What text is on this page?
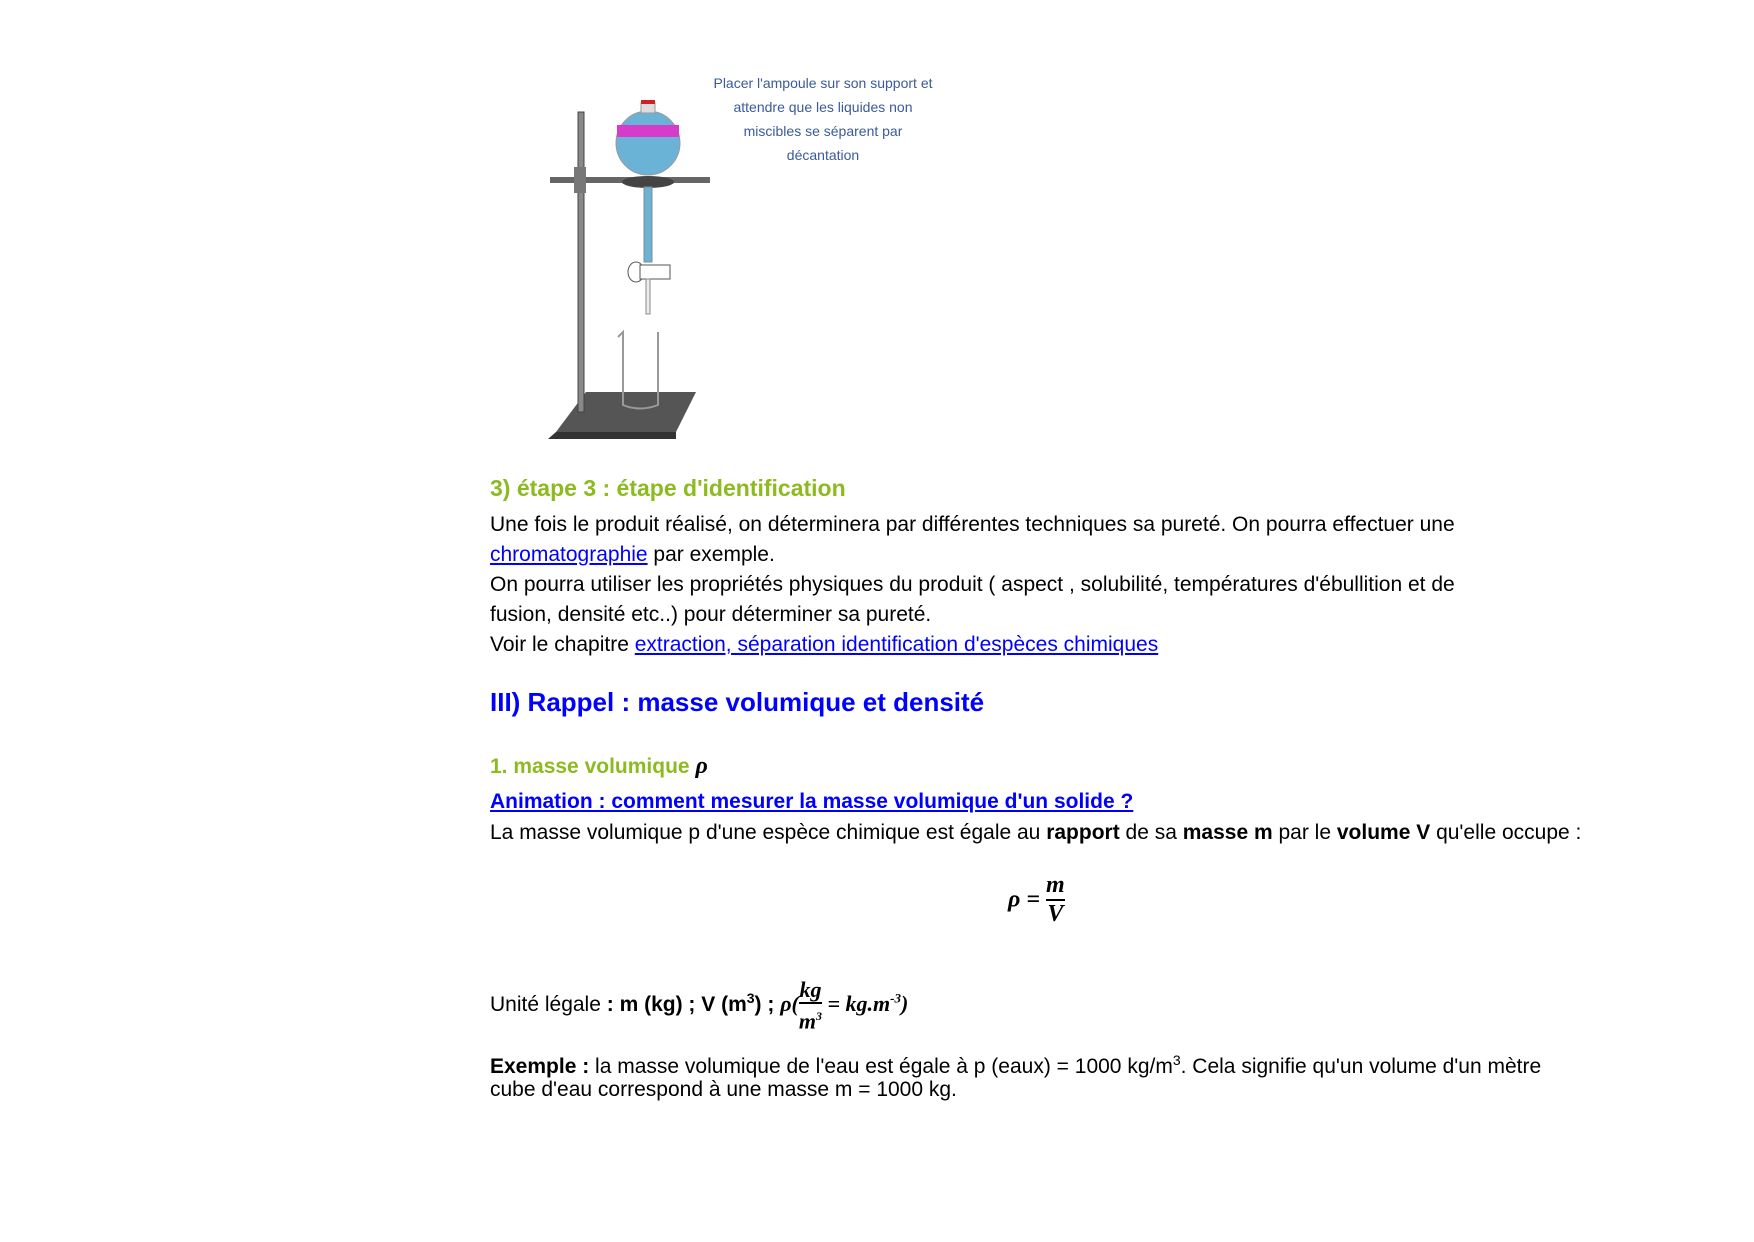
Placer l'ampoule sur son support et attendre que les liquides non miscibles se séparent par décantation
3) étape 3 : étape d'identification
Une fois le produit réalisé, on déterminera par différentes techniques sa pureté. On pourra effectuer une
chromatographie par exemple.
On pourra utiliser les propriétés physiques du produit ( aspect , solubilité, températures d'ébullition et de
fusion, densité etc..) pour déterminer sa pureté.
Voir le chapitre extraction, séparation identification d'espèces chimiques
III) Rappel : masse volumique et densité
1. masse volumique ρ
Animation : comment mesurer la masse volumique d'un solide ?
La masse volumique p d'une espèce chimique est égale au rapport de sa masse m par le volume V qu'elle occupe :
$\rho = \frac{m}{V}$
Unité légale : m (kg) ; V $(m^3)$ ; $\rho( \frac{kg}{m^3} = kg.m^{-3})$
Exemple : la masse volumique de l'eau est égale à p (eaux) = 1000 $kg/m^3$. Cela signifie qu'un volume d'un mètre
cube d'eau correspond à une masse m = 1000 kg.
